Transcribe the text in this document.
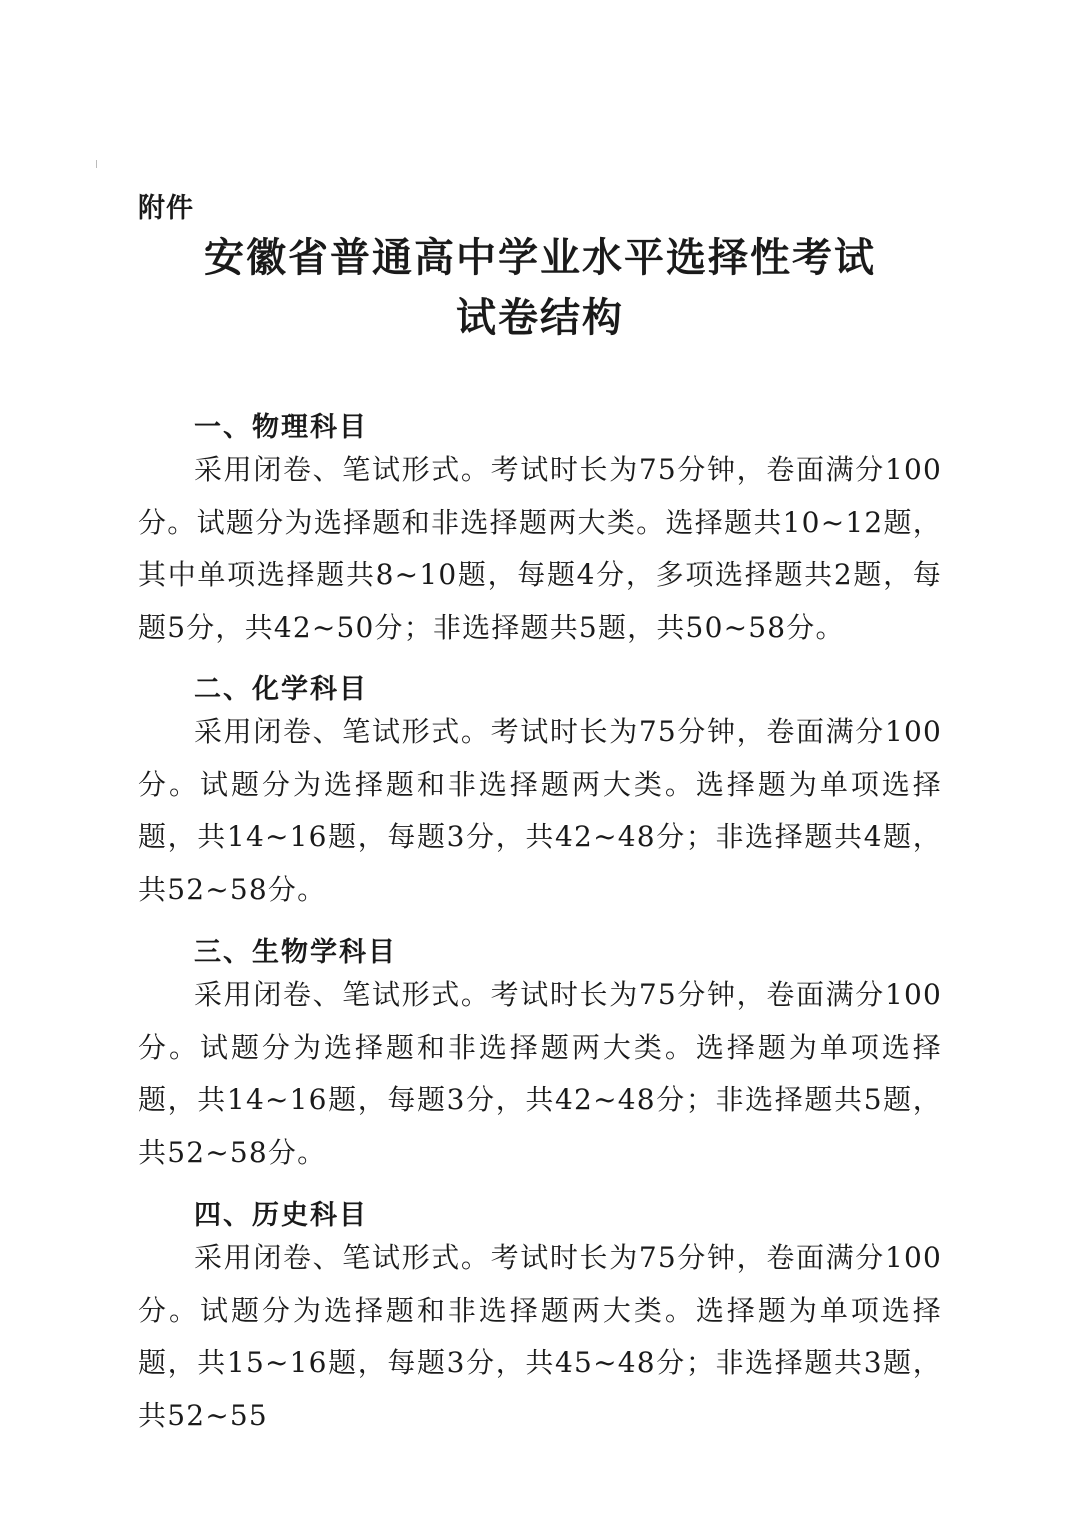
附件
安徽省普通高中学业水平选择性考试
试卷结构
一、物理科目

采用闭卷、笔试形式。考试时长为75分钟，卷面满分100分。试题分为选择题和非选择题两大类。选择题共10~12题，其中单项选择题共8~10题，每题4分，多项选择题共2题，每题5分，共42~50分；非选择题共5题，共50~58分。

二、化学科目

采用闭卷、笔试形式。考试时长为75分钟，卷面满分100分。试题分为选择题和非选择题两大类。选择题为单项选择题，共14~16题，每题3分，共42~48分；非选择题共4题，共52~58分。

三、生物学科目

采用闭卷、笔试形式。考试时长为75分钟，卷面满分100分。试题分为选择题和非选择题两大类。选择题为单项选择题，共14~16题，每题3分，共42~48分；非选择题共5题，共52~58分。

四、历史科目

采用闭卷、笔试形式。考试时长为75分钟，卷面满分100分。试题分为选择题和非选择题两大类。选择题为单项选择题，共15~16题，每题3分，共45~48分；非选择题共3题，共52~55
